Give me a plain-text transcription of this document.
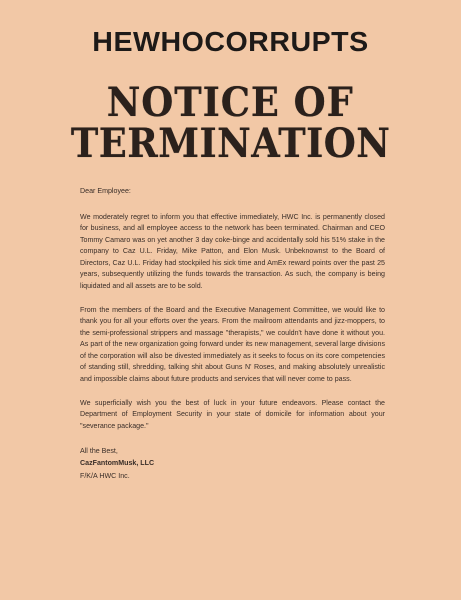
HEWHOCORRUPTS
NOTICE OF
TERMINATION

Dear Employee:

We moderately regret to inform you that effective immediately, HWC Inc. is permanently closed for business, and all employee access to the network has been terminated. Chairman and CEO Tommy Camaro was on yet another 3 day coke-binge and accidentally sold his 51% stake in the company to Caz U.L. Friday, Mike Patton, and Elon Musk. Unbeknownst to the Board of Directors, Caz U.L. Friday had stockpiled his sick time and AmEx reward points over the past 25 years, subsequently utilizing the funds towards the transaction. As such, the company is being liquidated and all assets are to be sold.

From the members of the Board and the Executive Management Committee, we would like to thank you for all your efforts over the years. From the mailroom attendants and jizz-moppers, to the semi-professional strippers and massage "therapists," we couldn't have done it without you. As part of the new organization going forward under its new management, several large divisions of the corporation will also be divested immediately as it seeks to focus on its core competencies of standing still, shredding, talking shit about Guns N' Roses, and making absolutely unrealistic and impossible claims about future products and services that will never come to pass.

We superficially wish you the best of luck in your future endeavors. Please contact the Department of Employment Security in your state of domicile for information about your "severance package."

All the Best,
CazFantomMusk, LLC
F/K/A HWC Inc.
